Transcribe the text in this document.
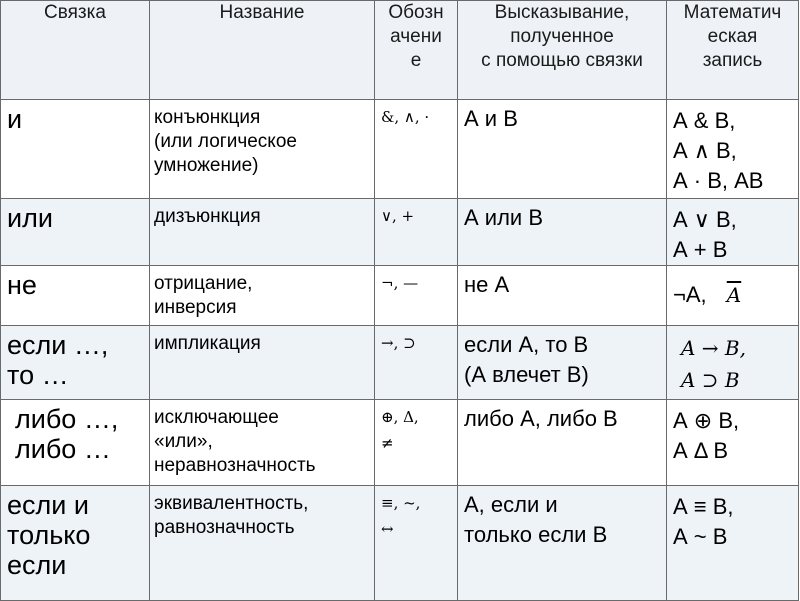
Связка	Название	Обозн
ачени
е	Высказывание,
полученное
с помощью связки	Математич
еская
запись

и	конъюнкция
(или логическое
умножение)	&, ∧, ·	А и В	А & В,
А ∧ В,
А · В, АВ

или	дизъюнкция	∨, +	А или В	А ∨ В,
А + В

не	отрицание,
инверсия	¬, —	не А	¬А, $\overline{A}$

если …,
то …	импликация	→, ⊃	если А, то В
(А влечет В)	A → B,
A ⊃ B

либо …,
либо …	исключающее
«или»,
неравнозначность	⊕, Δ,
≠	либо А, либо В	А ⊕ В,
А Δ В

если и
только
если	эквивалентность,
равнозначность	≡, ~,
↔	А, если и
только если В	А ≡ В,
А ~ В
